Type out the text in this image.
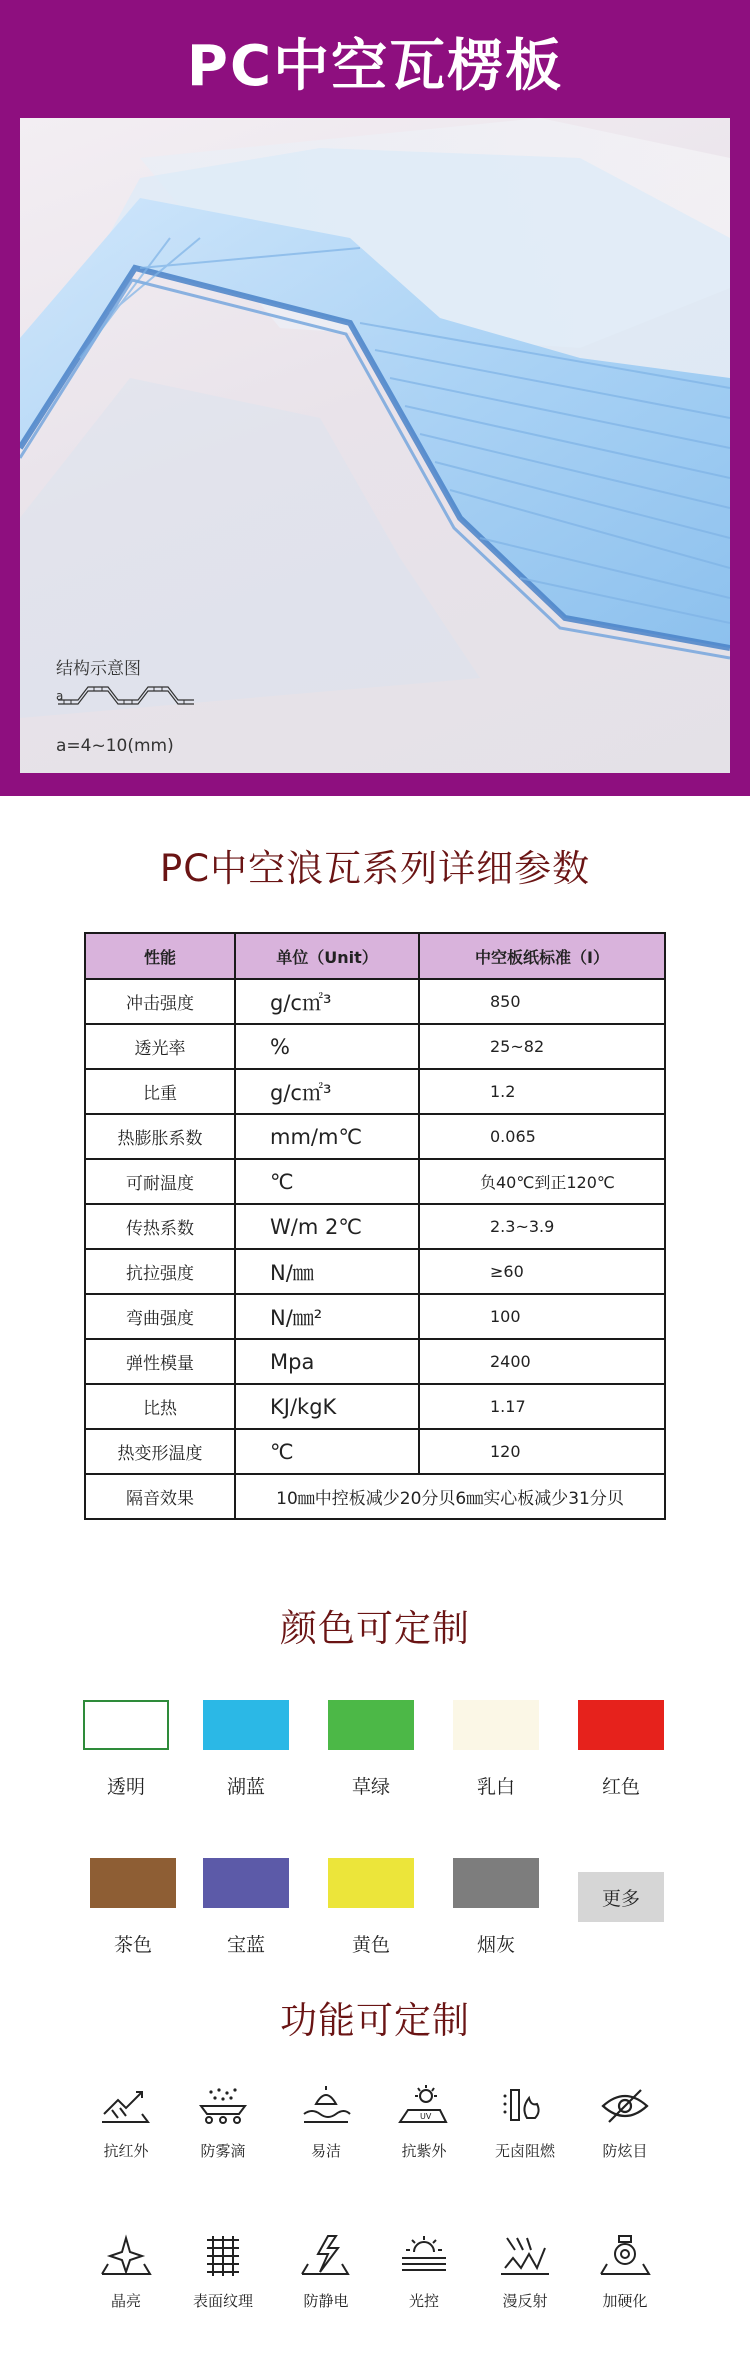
PC中空瓦楞板
结构示意图
a
a=4~10(mm)
PC中空浪瓦系列详细参数
性能	单位（Unit）	中空板纸标准（I）
冲击强度	g/c㎡³	850
透光率	%	25~82
比重	g/c㎡³	1.2
热膨胀系数	mm/m℃	0.065
可耐温度	℃	负40℃到正120℃
传热系数	W/m 2℃	2.3~3.9
抗拉强度	N/㎜	≥60
弯曲强度	N/㎜²	100
弹性模量	Mpa	2400
比热	KJ/kgK	1.17
热变形温度	℃	120
隔音效果	10㎜中控板减少20分贝6㎜实心板减少31分贝	
颜色可定制
透明	湖蓝	草绿	乳白	红色
茶色	宝蓝	黄色	烟灰
更多
功能可定制
抗红外	防雾滴	易洁
UV
抗紫外	无卤阻燃	防炫目
晶亮	表面纹理	防静电	光控	漫反射	加硬化
